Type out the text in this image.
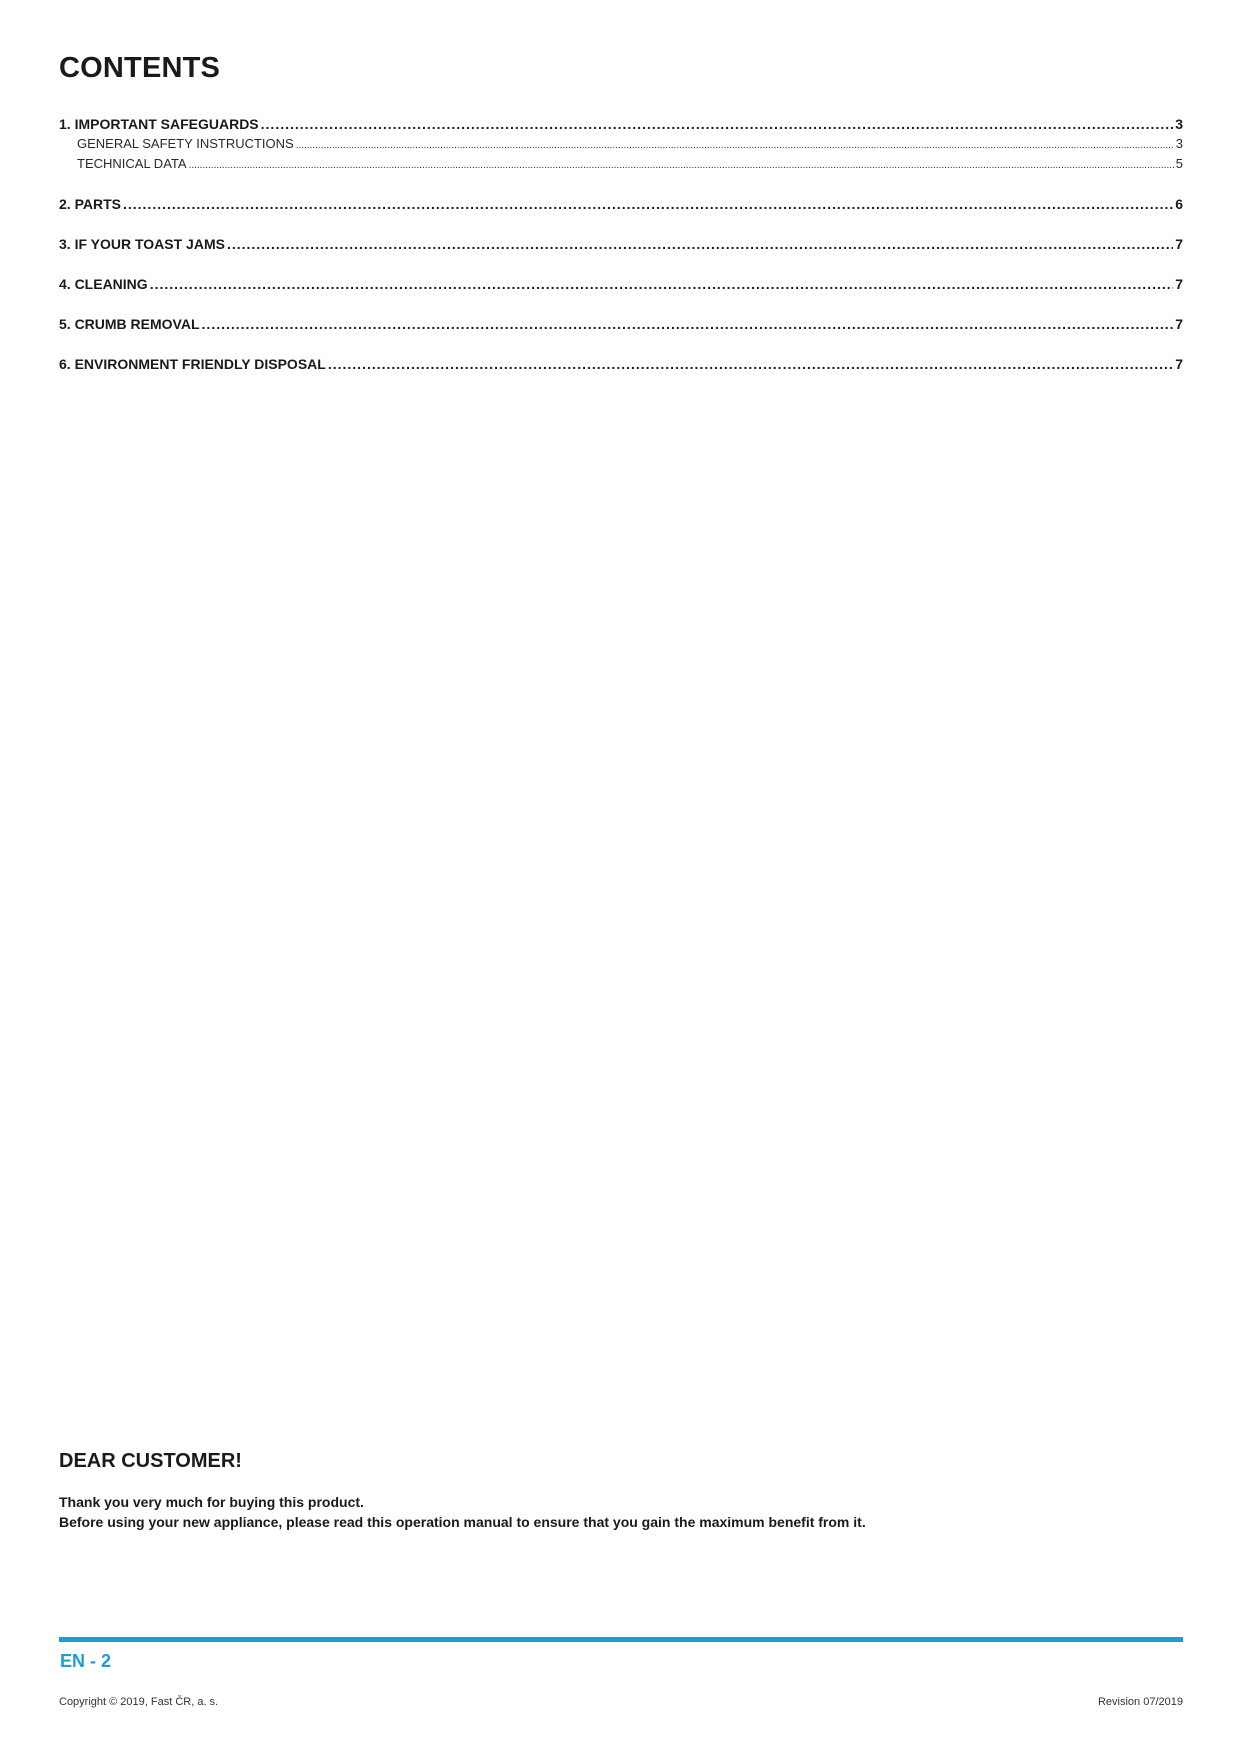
CONTENTS
1. IMPORTANT SAFEGUARDS .....	3
GENERAL SAFETY INSTRUCTIONS .....	3
TECHNICAL DATA .....	5
2. PARTS .....	6
3. IF YOUR TOAST JAMS .....	7
4. CLEANING .....	7
5. CRUMB REMOVAL .....	7
6. ENVIRONMENT FRIENDLY DISPOSAL .....	7
DEAR CUSTOMER!

Thank you very much for buying this product.

Before using your new appliance, please read this operation manual to ensure that you gain the maximum benefit from it.

EN - 2
Copyright © 2019, Fast ČR, a. s.	Revision 07/2019
